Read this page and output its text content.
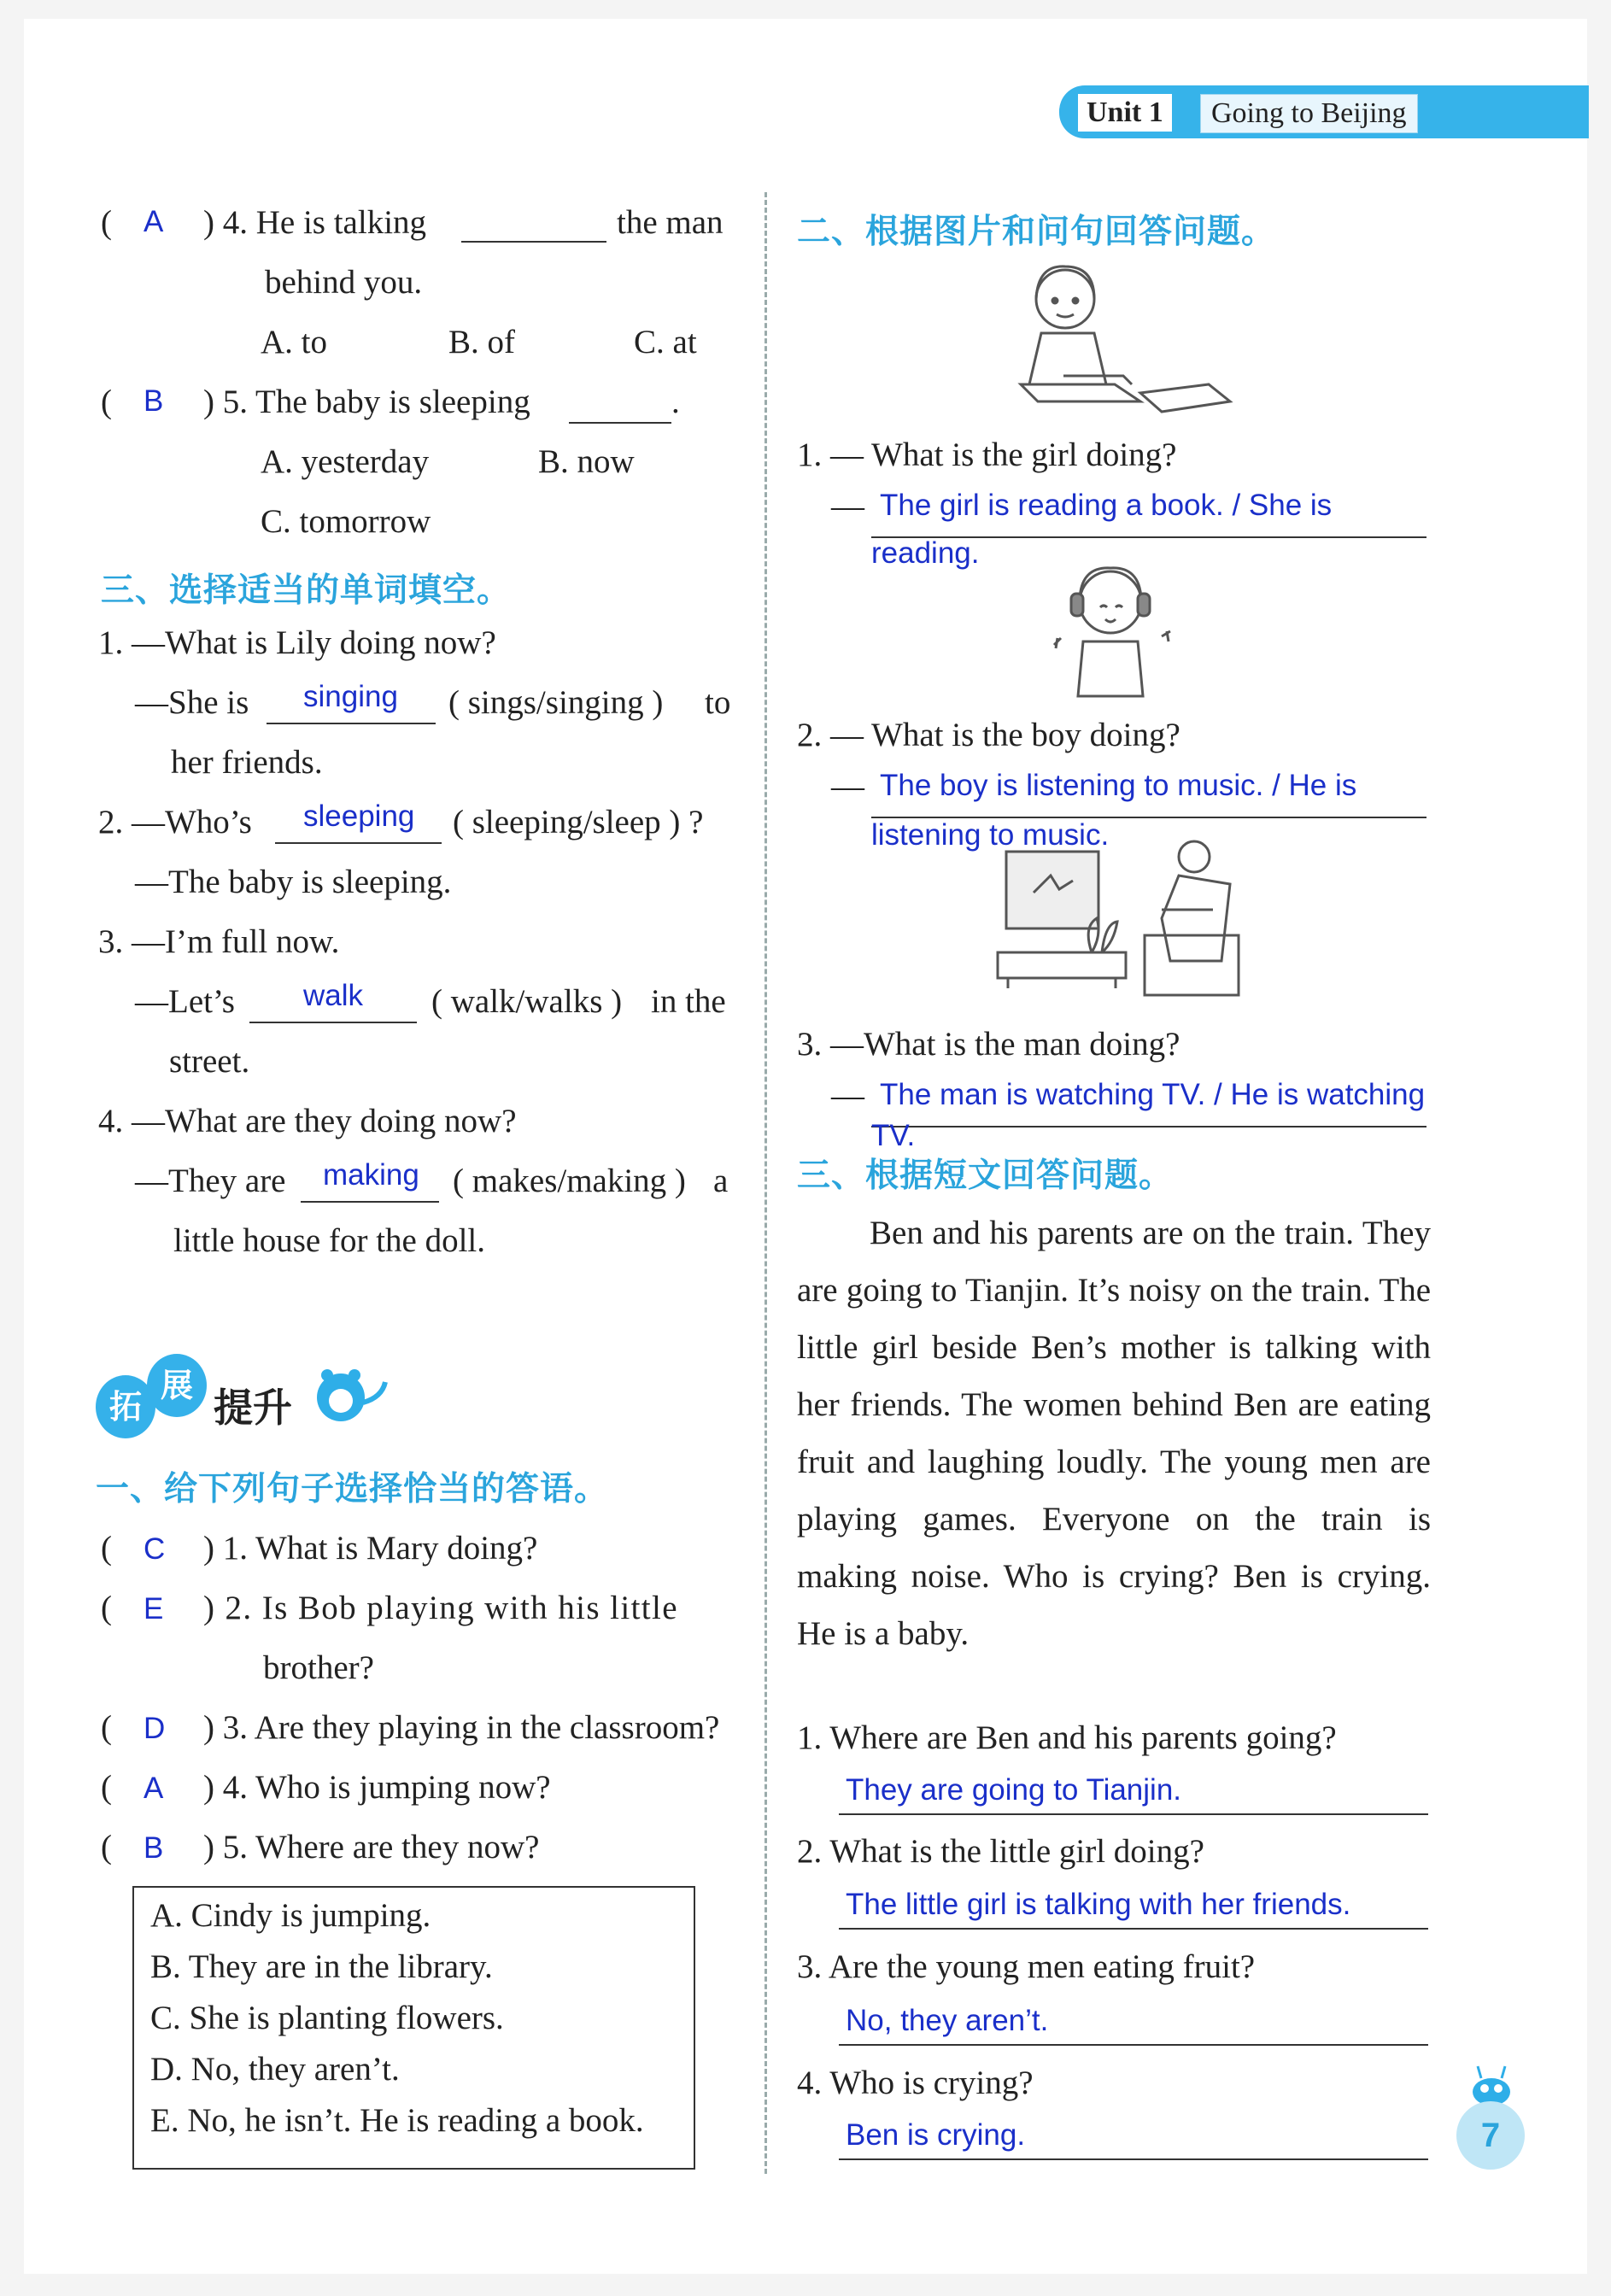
Unit 1	Going to Beijing
( A ) 4. He is talking	the man
behind you.
A. to	B. of	C. at
( B ) 5. The baby is sleeping	.
A. yesterday	B. now
C. tomorrow
三、选择适当的单词填空。
1. —What is Lily doing now?
—She is singing ( sings/singing ) to
her friends.
2. —Who’s sleeping ( sleeping/sleep ) ?
—The baby is sleeping.
3. —I’m full now.
—Let’s walk ( walk/walks ) in the
street.
4. —What are they doing now?
—They are making ( makes/making ) a
little house for the doll.
拓
展 提升
一、给下列句子选择恰当的答语。
( C ) 1. What is Mary doing?
( E ) 2. Is Bob playing with his little
brother?
( D ) 3. Are they playing in the classroom?
( A ) 4. Who is jumping now?
( B ) 5. Where are they now?
A. Cindy is jumping.
B. They are in the library.
C. She is planting flowers.
D. No, they aren’t.
E. No, he isn’t. He is reading a book.
二、根据图片和问句回答问题。
1. — What is the girl doing?
— The girl is reading a book. / She is
reading.
2. — What is the boy doing?
— The boy is listening to music. / He is
listening to music.
3. —What is the man doing?
— The man is watching TV. / He is watching
TV.
三、根据短文回答问题。
Ben and his parents are on the train. They are going to Tianjin. It’s noisy on the train. The little girl beside Ben’s mother is talking with her friends. The women behind Ben are eating fruit and laughing loudly. The young men are playing games. Everyone on the train is making noise. Who is crying? Ben is crying. He is a baby.
1. Where are Ben and his parents going?
They are going to Tianjin.
2. What is the little girl doing?
The little girl is talking with her friends.
3. Are the young men eating fruit?
No, they aren’t.
4. Who is crying?
Ben is crying.	7
